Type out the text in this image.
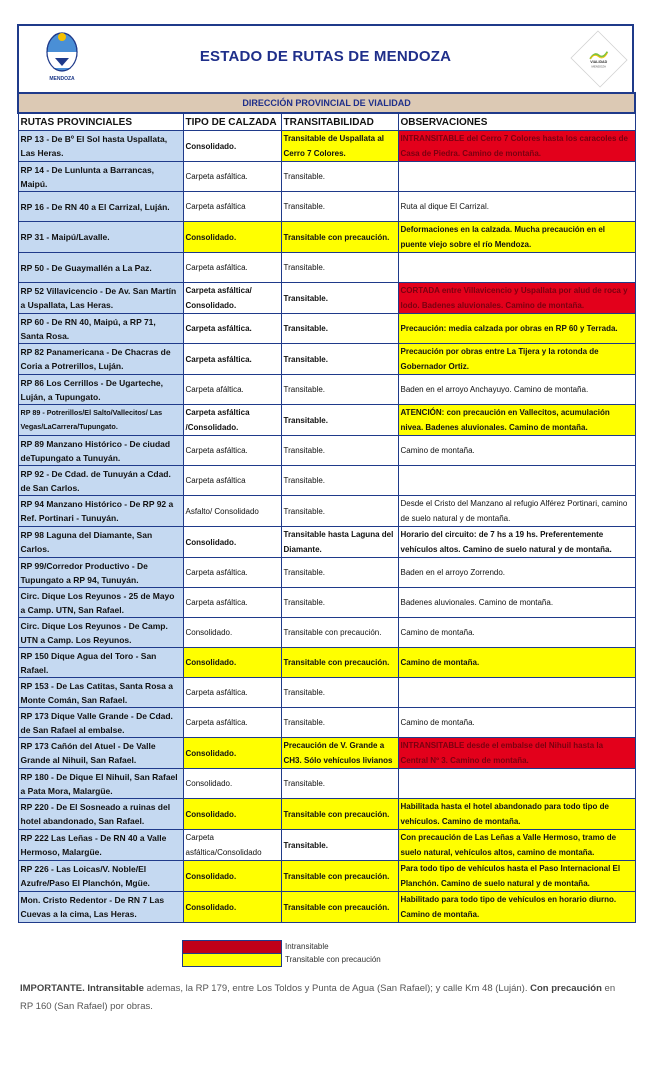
MENDOZA
ESTADO DE RUTAS DE MENDOZA	VIALIDAD
MENDOZA
DIRECCIÓN PROVINCIAL DE VIALIDAD			
RUTAS PROVINCIALES	TIPO DE CALZADA	TRANSITABILIDAD	OBSERVACIONES
RP 13 - De Bº El Sol hasta Uspallata, Las Heras.	Consolidado.	Transitable de Uspallata al Cerro 7 Colores.	INTRANSITABLE del Cerro 7 Colores hasta los caracoles de Casa de Piedra. Camino de montaña.
RP 14 - De Lunlunta a Barrancas, Maipú.	Carpeta asfáltica.	Transitable.	
RP 16 - De RN 40 a El Carrizal, Luján.	Carpeta asfáltica	Transitable.	Ruta al dique El Carrizal.
RP 31 - Maipú/Lavalle.	Consolidado.	Transitable con precaución.	Deformaciones en la calzada. Mucha precaución en el puente viejo sobre el río Mendoza.
RP 50 - De Guaymallén a La Paz.	Carpeta asfáltica.	Transitable.	
RP 52 Villavicencio - De Av. San Martín a Uspallata, Las Heras.	Carpeta asfáltica/ Consolidado.	Transitable.	CORTADA entre Villavicencio y Uspallata por alud de roca y lodo. Badenes aluvionales. Camino de montaña.
RP 60 - De RN 40, Maipú, a RP 71, Santa Rosa.	Carpeta asfáltica.	Transitable.	Precaución: media calzada por obras en RP 60 y Terrada.
RP 82 Panamericana - De Chacras de Coria a Potrerillos, Luján.	Carpeta asfáltica.	Transitable.	Precaución por obras entre La Tijera y la rotonda de Gobernador Ortiz.
RP 86 Los Cerrillos - De Ugarteche, Luján, a Tupungato.	Carpeta afáltica.	Transitable.	Baden en el arroyo Anchayuyo. Camino de montaña.
RP 89 - Potrerillos/El Salto/Vallecitos/ Las Vegas/LaCarrera/Tupungato.	Carpeta asfáltica /Consolidado.	Transitable.	ATENCIÓN: con precaución en Vallecitos, acumulación nivea. Badenes aluvionales. Camino de montaña.
RP 89 Manzano Histórico - De ciudad deTupungato a Tunuyán.	Carpeta asfáltica.	Transitable.	Camino de montaña.
RP 92 - De Cdad. de Tunuyán a Cdad. de San Carlos.	Carpeta asfáltica	Transitable.	
RP 94 Manzano Histórico - De RP 92 a Ref. Portinari - Tunuyán.	Asfalto/ Consolidado	Transitable.	Desde el Cristo del Manzano al refugio Alférez Portinari, camino de suelo natural y de montaña.
RP 98 Laguna del Diamante, San Carlos.	Consolidado.	Transitable hasta Laguna del Diamante.	Horario del circuito: de 7 hs a 19 hs. Preferentemente vehículos altos. Camino de suelo natural y de montaña.
RP 99/Corredor Productivo - De Tupungato a RP 94, Tunuyán.	Carpeta asfáltica.	Transitable.	Baden en el arroyo Zorrendo.
Circ. Dique Los Reyunos - 25 de Mayo a Camp. UTN, San Rafael.	Carpeta asfáltica.	Transitable.	Badenes aluvionales. Camino de montaña.
Circ. Dique Los Reyunos - De Camp. UTN a Camp. Los Reyunos.	Consolidado.	Transitable con precaución.	Camino de montaña.
RP 150 Dique Agua del Toro - San Rafael.	Consolidado.	Transitable con precaución.	Camino de montaña.
RP 153 - De Las Catitas, Santa Rosa a Monte Comán, San Rafael.	Carpeta asfáltica.	Transitable.	
RP 173 Dique Valle Grande - De Cdad. de San Rafael al embalse.	Carpeta asfáltica.	Transitable.	Camino de montaña.
RP 173 Cañón del Atuel - De Valle Grande al Nihuil, San Rafael.	Consolidado.	Precaución de V. Grande a CH3. Sólo vehículos livianos	INTRANSITABLE desde el embalse del Nihuil hasta la Central Nº 3. Camino de montaña.
RP 180 - De Dique El Nihuil, San Rafael a Pata Mora, Malargüe.	Consolidado.	Transitable.	
RP 220 - De El Sosneado a ruinas del hotel abandonado, San Rafael.	Consolidado.	Transitable con precaución.	Habilitada hasta el hotel abandonado para todo tipo de vehículos. Camino de montaña.
RP 222 Las Leñas - De RN 40 a Valle Hermoso, Malargüe.	Carpeta asfáltica/Consolidado	Transitable.	Con precaución de Las Leñas a Valle Hermoso, tramo de suelo natural, vehículos altos, camino de montaña.
RP 226 - Las Loicas/V. Noble/El Azufre/Paso El Planchón, Mgüe.	Consolidado.	Transitable con precaución.	Para todo tipo de vehículos hasta el Paso Internacional El Planchón. Camino de suelo natural y de montaña.
Mon. Cristo Redentor - De RN 7 Las Cuevas a la cima, Las Heras.	Consolidado.	Transitable con precaución.	Habilitado para todo tipo de vehículos en horario diurno. Camino de montaña.
Intransitable
Transitable con precaución
IMPORTANTE. Intransitable ademas, la RP 179, entre Los Toldos y Punta de Agua (San Rafael); y calle Km 48 (Luján). Con precaución en RP 160 (San Rafael) por obras.
